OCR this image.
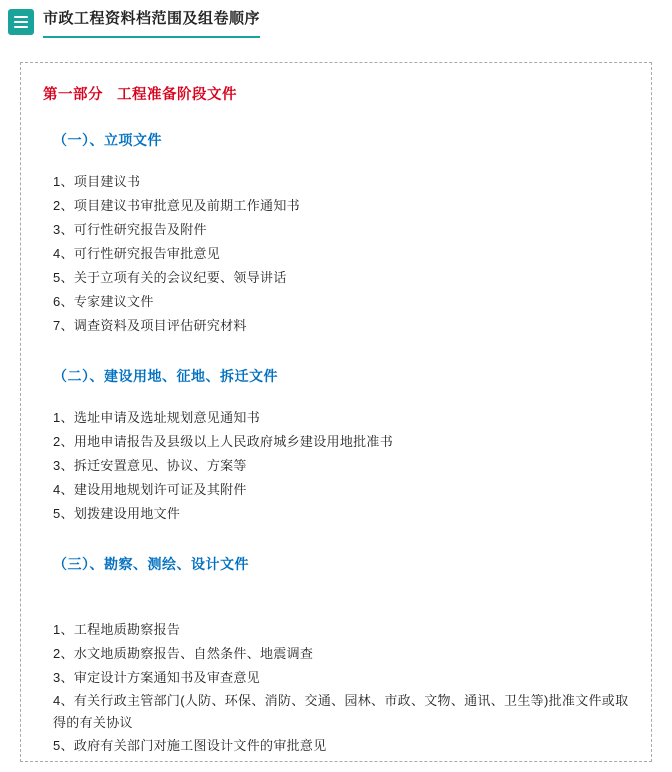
市政工程资料档范围及组卷顺序
第一部分 工程准备阶段文件
（一）、立项文件
1、项目建议书
2、项目建议书审批意见及前期工作通知书
3、可行性研究报告及附件
4、可行性研究报告审批意见
5、关于立项有关的会议纪要、领导讲话
6、专家建议文件
7、调查资料及项目评估研究材料
（二）、建设用地、征地、拆迁文件
1、选址申请及选址规划意见通知书
2、用地申请报告及县级以上人民政府城乡建设用地批准书
3、拆迁安置意见、协议、方案等
4、建设用地规划许可证及其附件
5、划拨建设用地文件
（三）、勘察、测绘、设计文件
1、工程地质勘察报告
2、水文地质勘察报告、自然条件、地震调查
3、审定设计方案通知书及审查意见
4、有关行政主管部门(人防、环保、消防、交通、园林、市政、文物、通讯、卫生等)批准文件或取得的有关协议
5、政府有关部门对施工图设计文件的审批意见
